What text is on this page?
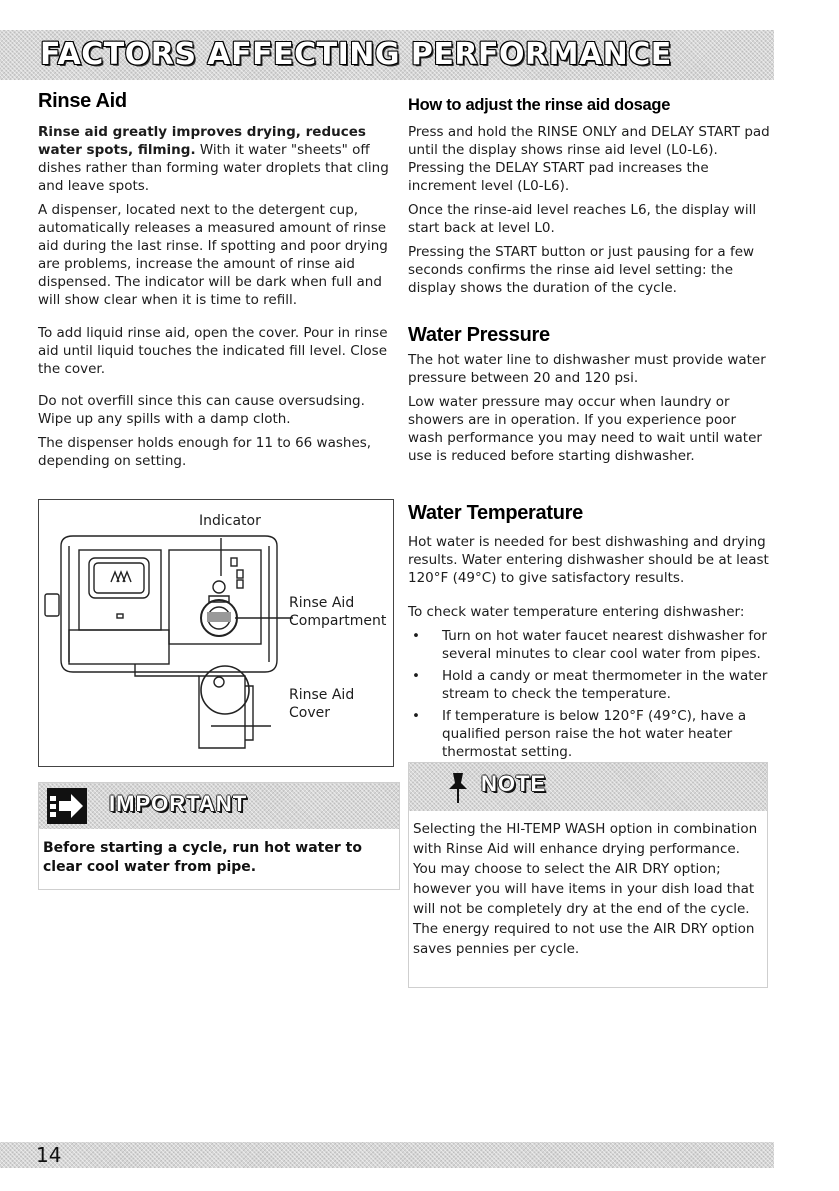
FACTORS AFFECTING PERFORMANCE
Rinse Aid

Rinse aid greatly improves drying, reduces water spots, filming. With it water "sheets" off dishes rather than forming water droplets that cling and leave spots.

A dispenser, located next to the detergent cup, automatically releases a measured amount of rinse aid during the last rinse. If spotting and poor drying are problems, increase the amount of rinse aid dispensed. The indicator will be dark when full and will show clear when it is time to refill.

To add liquid rinse aid, open the cover. Pour in rinse aid until liquid touches the indicated fill level. Close the cover.

Do not overfill since this can cause oversudsing. Wipe up any spills with a damp cloth.

The dispenser holds enough for 11 to 66 washes, depending on setting.

Indicator
Rinse Aid
Compartment
Rinse Aid
Cover
IMPORTANT
Before starting a cycle, run hot water to clear cool water from pipe.
How to adjust the rinse aid dosage

Press and hold the RINSE ONLY and DELAY START pad until the display shows rinse aid level (L0-L6). Pressing the DELAY START pad increases the increment level (L0-L6).

Once the rinse-aid level reaches L6, the display will start back at level L0.

Pressing the START button or just pausing for a few seconds confirms the rinse aid level setting: the display shows the duration of the cycle.

Water Pressure

The hot water line to dishwasher must provide water pressure between 20 and 120 psi.

Low water pressure may occur when laundry or showers are in operation. If you experience poor wash performance you may need to wait until water use is reduced before starting dishwasher.

Water Temperature

Hot water is needed for best dishwashing and drying results. Water entering dishwasher should be at least 120°F (49°C) to give satisfactory results.

To check water temperature entering dishwasher:

• Turn on hot water faucet nearest dishwasher for several minutes to clear cool water from pipes.
• Hold a candy or meat thermometer in the water stream to check the temperature.
• If temperature is below 120°F (49°C), have a qualified person raise the hot water heater thermostat setting.
NOTE
Selecting the HI-TEMP WASH option in combination with Rinse Aid will enhance drying performance. You may choose to select the AIR DRY option; however you will have items in your dish load that will not be completely dry at the end of the cycle. The energy required to not use the AIR DRY option saves pennies per cycle.
14
